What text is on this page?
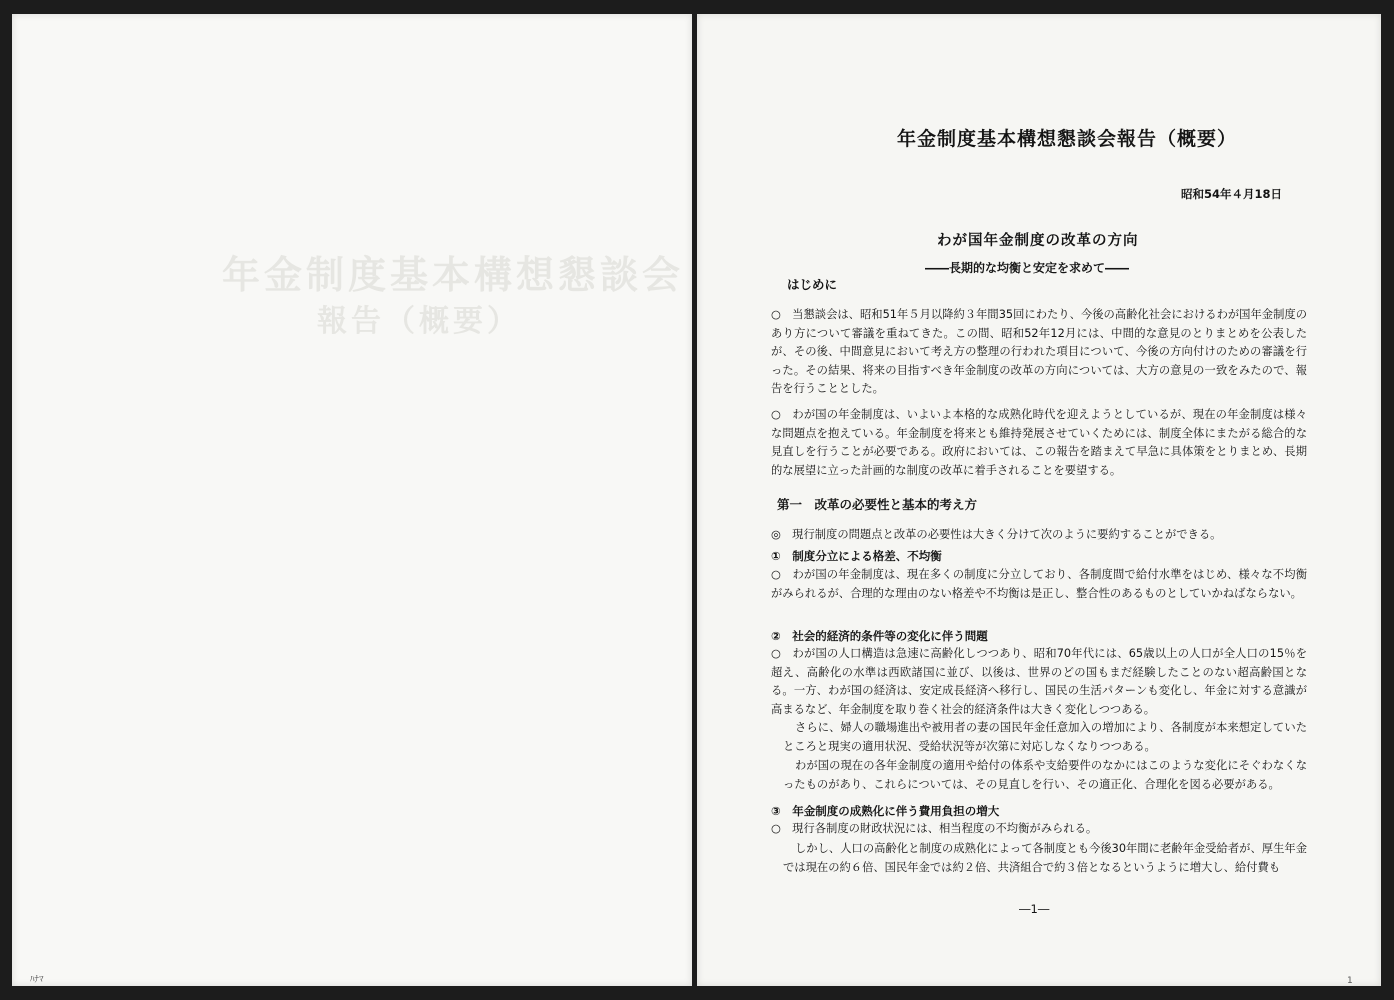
年金制度基本構想懇談会
報告（概要）
ﾊﾅﾏ
年金制度基本構想懇談会報告（概要）
昭和54年４月18日
わが国年金制度の改革の方向
――長期的な均衡と安定を求めて――
はじめに
○　当懇談会は、昭和51年５月以降約３年間35回にわたり、今後の高齢化社会におけるわが国年金制度のあり方について審議を重ねてきた。この間、昭和52年12月には、中間的な意見のとりまとめを公表したが、その後、中間意見において考え方の整理の行われた項目について、今後の方向付けのための審議を行った。その結果、将来の目指すべき年金制度の改革の方向については、大方の意見の一致をみたので、報告を行うこととした。
○　わが国の年金制度は、いよいよ本格的な成熟化時代を迎えようとしているが、現在の年金制度は様々な問題点を抱えている。年金制度を将来とも維持発展させていくためには、制度全体にまたがる総合的な見直しを行うことが必要である。政府においては、この報告を踏まえて早急に具体策をとりまとめ、長期的な展望に立った計画的な制度の改革に着手されることを要望する。
第一　改革の必要性と基本的考え方
◎　現行制度の問題点と改革の必要性は大きく分けて次のように要約することができる。
①　制度分立による格差、不均衡
○　わが国の年金制度は、現在多くの制度に分立しており、各制度間で給付水準をはじめ、様々な不均衡がみられるが、合理的な理由のない格差や不均衡は是正し、整合性のあるものとしていかねばならない。
②　社会的経済的条件等の変化に伴う問題
○　わが国の人口構造は急速に高齢化しつつあり、昭和70年代には、65歳以上の人口が全人口の15％を超え、高齢化の水準は西欧諸国に並び、以後は、世界のどの国もまだ経験したことのない超高齢国となる。一方、わが国の経済は、安定成長経済へ移行し、国民の生活パターンも変化し、年金に対する意識が高まるなど、年金制度を取り巻く社会的経済条件は大きく変化しつつある。
さらに、婦人の職場進出や被用者の妻の国民年金任意加入の増加により、各制度が本来想定していたところと現実の適用状況、受給状況等が次第に対応しなくなりつつある。
わが国の現在の各年金制度の適用や給付の体系や支給要件のなかにはこのような変化にそぐわなくなったものがあり、これらについては、その見直しを行い、その適正化、合理化を図る必要がある。
③　年金制度の成熟化に伴う費用負担の増大
○　現行各制度の財政状況には、相当程度の不均衡がみられる。
しかし、人口の高齢化と制度の成熟化によって各制度とも今後30年間に老齢年金受給者が、厚生年金では現在の約６倍、国民年金では約２倍、共済組合で約３倍となるというように増大し、給付費も
―1―
1
